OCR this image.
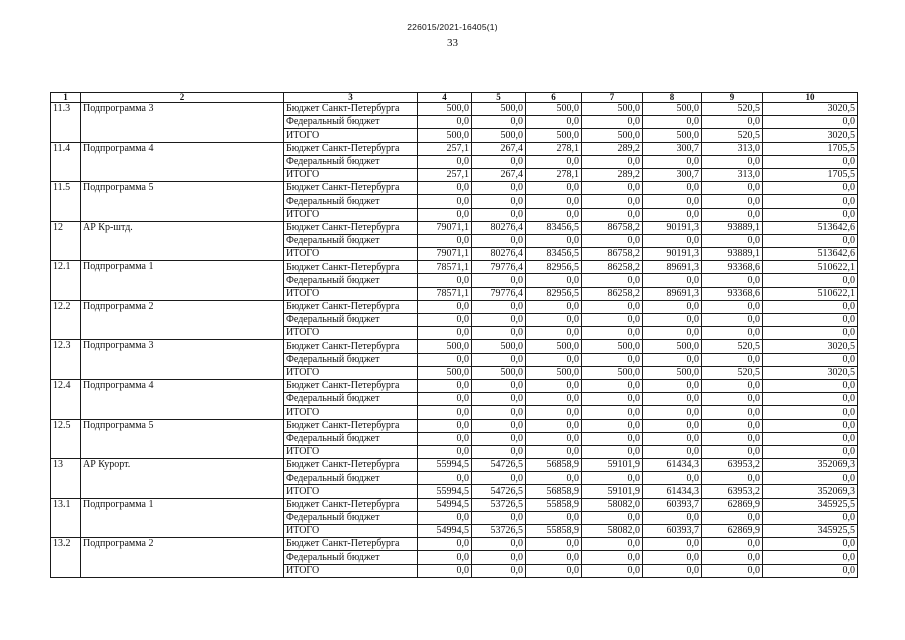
226015/2021-16405(1)
33
1	2	3	4	5	6	7	8	9	10
11.3	Подпрограмма 3	Бюджет Санкт-Петербурга	500,0	500,0	500,0	500,0	500,0	520,5	3020,5
		Федеральный бюджет	0,0	0,0	0,0	0,0	0,0	0,0	0,0
		ИТОГО	500,0	500,0	500,0	500,0	500,0	520,5	3020,5
11.4	Подпрограмма 4	Бюджет Санкт-Петербурга	257,1	267,4	278,1	289,2	300,7	313,0	1705,5
		Федеральный бюджет	0,0	0,0	0,0	0,0	0,0	0,0	0,0
		ИТОГО	257,1	267,4	278,1	289,2	300,7	313,0	1705,5
11.5	Подпрограмма 5	Бюджет Санкт-Петербурга	0,0	0,0	0,0	0,0	0,0	0,0	0,0
		Федеральный бюджет	0,0	0,0	0,0	0,0	0,0	0,0	0,0
		ИТОГО	0,0	0,0	0,0	0,0	0,0	0,0	0,0
12	АР Кр-штд.	Бюджет Санкт-Петербурга	79071,1	80276,4	83456,5	86758,2	90191,3	93889,1	513642,6
		Федеральный бюджет	0,0	0,0	0,0	0,0	0,0	0,0	0,0
		ИТОГО	79071,1	80276,4	83456,5	86758,2	90191,3	93889,1	513642,6
12.1	Подпрограмма 1	Бюджет Санкт-Петербурга	78571,1	79776,4	82956,5	86258,2	89691,3	93368,6	510622,1
		Федеральный бюджет	0,0	0,0	0,0	0,0	0,0	0,0	0,0
		ИТОГО	78571,1	79776,4	82956,5	86258,2	89691,3	93368,6	510622,1
12.2	Подпрограмма 2	Бюджет Санкт-Петербурга	0,0	0,0	0,0	0,0	0,0	0,0	0,0
		Федеральный бюджет	0,0	0,0	0,0	0,0	0,0	0,0	0,0
		ИТОГО	0,0	0,0	0,0	0,0	0,0	0,0	0,0
12.3	Подпрограмма 3	Бюджет Санкт-Петербурга	500,0	500,0	500,0	500,0	500,0	520,5	3020,5
		Федеральный бюджет	0,0	0,0	0,0	0,0	0,0	0,0	0,0
		ИТОГО	500,0	500,0	500,0	500,0	500,0	520,5	3020,5
12.4	Подпрограмма 4	Бюджет Санкт-Петербурга	0,0	0,0	0,0	0,0	0,0	0,0	0,0
		Федеральный бюджет	0,0	0,0	0,0	0,0	0,0	0,0	0,0
		ИТОГО	0,0	0,0	0,0	0,0	0,0	0,0	0,0
12.5	Подпрограмма 5	Бюджет Санкт-Петербурга	0,0	0,0	0,0	0,0	0,0	0,0	0,0
		Федеральный бюджет	0,0	0,0	0,0	0,0	0,0	0,0	0,0
		ИТОГО	0,0	0,0	0,0	0,0	0,0	0,0	0,0
13	АР Курорт.	Бюджет Санкт-Петербурга	55994,5	54726,5	56858,9	59101,9	61434,3	63953,2	352069,3
		Федеральный бюджет	0,0	0,0	0,0	0,0	0,0	0,0	0,0
		ИТОГО	55994,5	54726,5	56858,9	59101,9	61434,3	63953,2	352069,3
13.1	Подпрограмма 1	Бюджет Санкт-Петербурга	54994,5	53726,5	55858,9	58082,0	60393,7	62869,9	345925,5
		Федеральный бюджет	0,0	0,0	0,0	0,0	0,0	0,0	0,0
		ИТОГО	54994,5	53726,5	55858,9	58082,0	60393,7	62869,9	345925,5
13.2	Подпрограмма 2	Бюджет Санкт-Петербурга	0,0	0,0	0,0	0,0	0,0	0,0	0,0
		Федеральный бюджет	0,0	0,0	0,0	0,0	0,0	0,0	0,0
		ИТОГО	0,0	0,0	0,0	0,0	0,0	0,0	0,0
